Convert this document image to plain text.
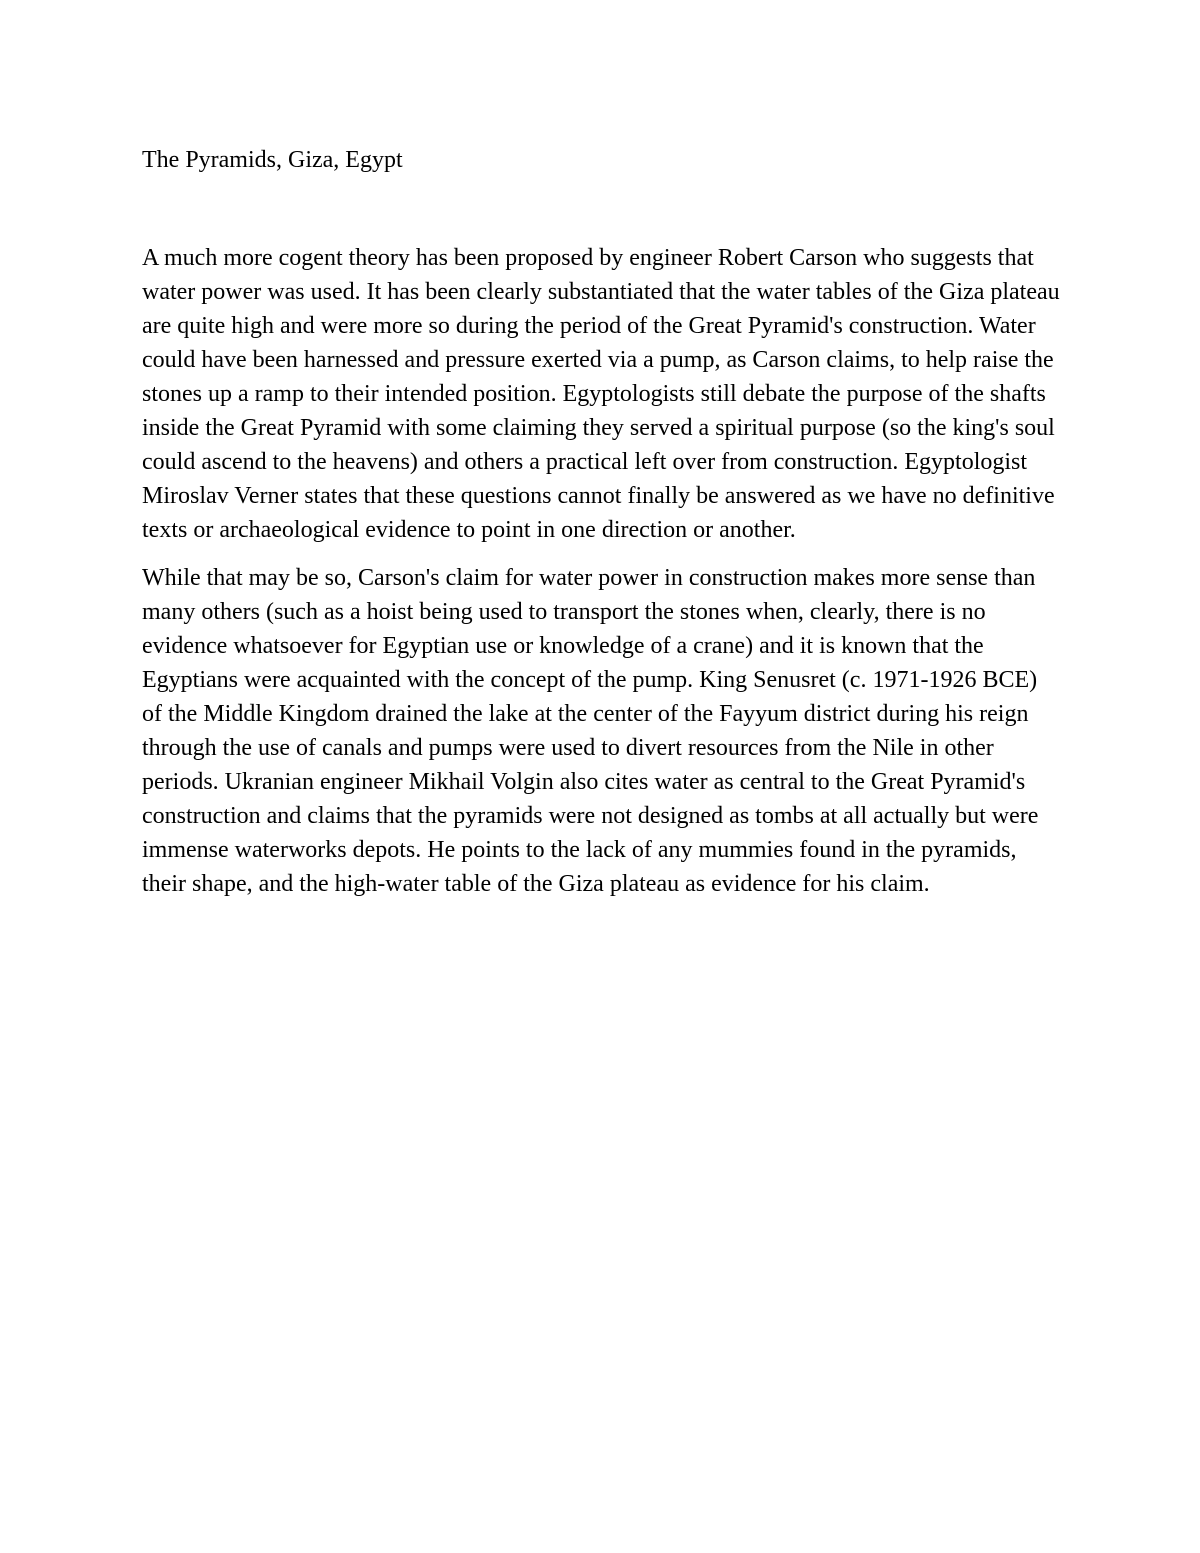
The Pyramids, Giza, Egypt

A much more cogent theory has been proposed by engineer Robert Carson who suggests that water power was used. It has been clearly substantiated that the water tables of the Giza plateau are quite high and were more so during the period of the Great Pyramid's construction. Water could have been harnessed and pressure exerted via a pump, as Carson claims, to help raise the stones up a ramp to their intended position. Egyptologists still debate the purpose of the shafts inside the Great Pyramid with some claiming they served a spiritual purpose (so the king's soul could ascend to the heavens) and others a practical left over from construction. Egyptologist Miroslav Verner states that these questions cannot finally be answered as we have no definitive texts or archaeological evidence to point in one direction or another.

While that may be so, Carson's claim for water power in construction makes more sense than many others (such as a hoist being used to transport the stones when, clearly, there is no evidence whatsoever for Egyptian use or knowledge of a crane) and it is known that the Egyptians were acquainted with the concept of the pump. King Senusret (c. 1971-1926 BCE) of the Middle Kingdom drained the lake at the center of the Fayyum district during his reign through the use of canals and pumps were used to divert resources from the Nile in other periods. Ukranian engineer Mikhail Volgin also cites water as central to the Great Pyramid's construction and claims that the pyramids were not designed as tombs at all actually but were immense waterworks depots. He points to the lack of any mummies found in the pyramids, their shape, and the high-water table of the Giza plateau as evidence for his claim.
